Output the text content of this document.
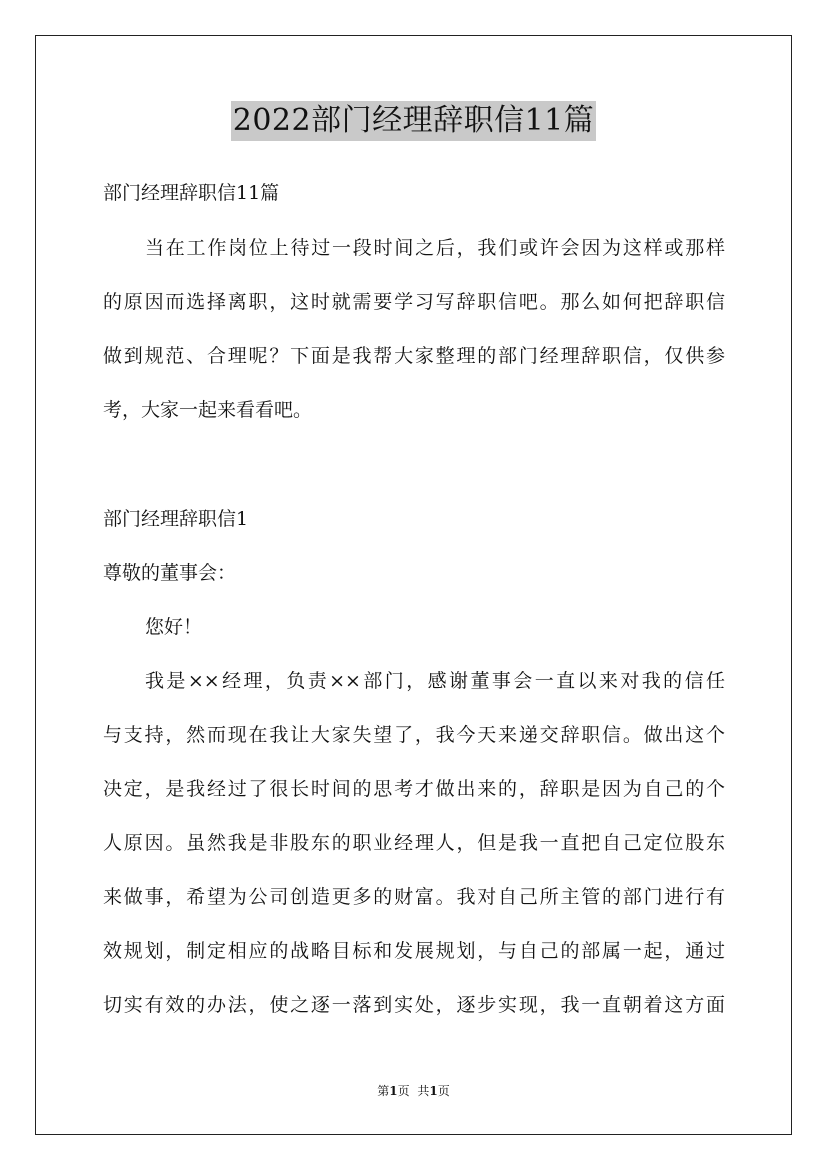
2022部门经理辞职信11篇
部门经理辞职信11篇
当在工作岗位上待过一段时间之后，我们或许会因为这样或那样
的原因而选择离职，这时就需要学习写辞职信吧。那么如何把辞职信
做到规范、合理呢？下面是我帮大家整理的部门经理辞职信，仅供参
考，大家一起来看看吧。
部门经理辞职信1
尊敬的董事会：
您好！
我是××经理，负责××部门，感谢董事会一直以来对我的信任
与支持，然而现在我让大家失望了，我今天来递交辞职信。做出这个
决定，是我经过了很长时间的思考才做出来的，辞职是因为自己的个
人原因。虽然我是非股东的职业经理人，但是我一直把自己定位股东
来做事，希望为公司创造更多的财富。我对自己所主管的部门进行有
效规划，制定相应的战略目标和发展规划，与自己的部属一起，通过
切实有效的办法，使之逐一落到实处，逐步实现，我一直朝着这方面
第1页 共1页
